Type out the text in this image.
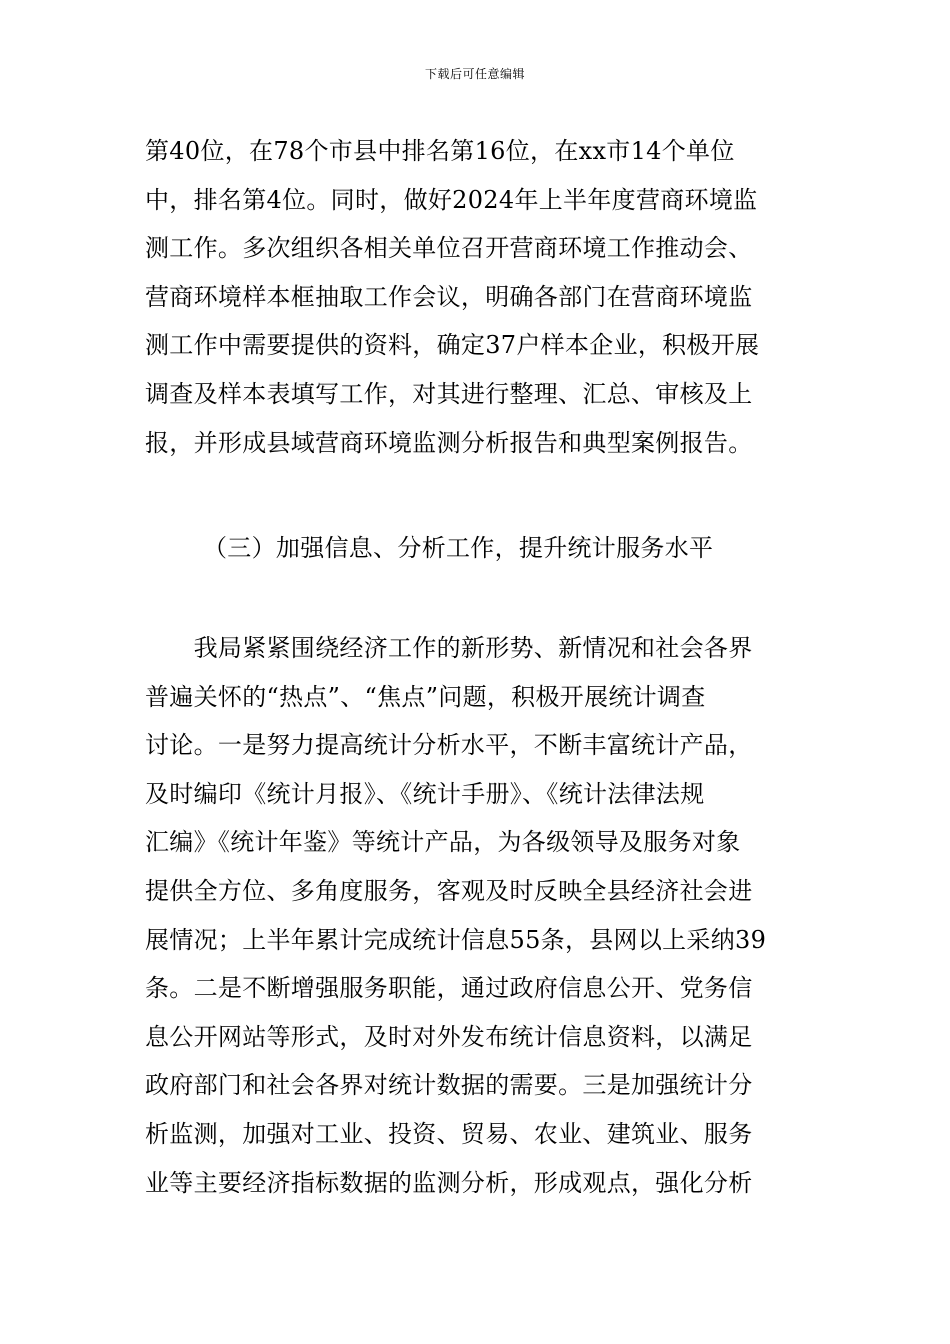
下载后可任意编辑
第40位，在78个市县中排名第16位，在xx市14个单位
中，排名第4位。同时，做好2024年上半年度营商环境监
测工作。多次组织各相关单位召开营商环境工作推动会、
营商环境样本框抽取工作会议，明确各部门在营商环境监
测工作中需要提供的资料，确定37户样本企业，积极开展
调查及样本表填写工作，对其进行整理、汇总、审核及上
报，并形成县域营商环境监测分析报告和典型案例报告。
（三）加强信息、分析工作，提升统计服务水平
　　我局紧紧围绕经济工作的新形势、新情况和社会各界
普遍关怀的“热点”、“焦点”问题，积极开展统计调查
讨论。一是努力提高统计分析水平，不断丰富统计产品，
及时编印《统计月报》、《统计手册》、《统计法律法规
汇编》《统计年鉴》等统计产品，为各级领导及服务对象
提供全方位、多角度服务，客观及时反映全县经济社会进
展情况；上半年累计完成统计信息55条，县网以上采纳39
条。二是不断增强服务职能，通过政府信息公开、党务信
息公开网站等形式，及时对外发布统计信息资料，以满足
政府部门和社会各界对统计数据的需要。三是加强统计分
析监测，加强对工业、投资、贸易、农业、建筑业、服务
业等主要经济指标数据的监测分析，形成观点，强化分析
